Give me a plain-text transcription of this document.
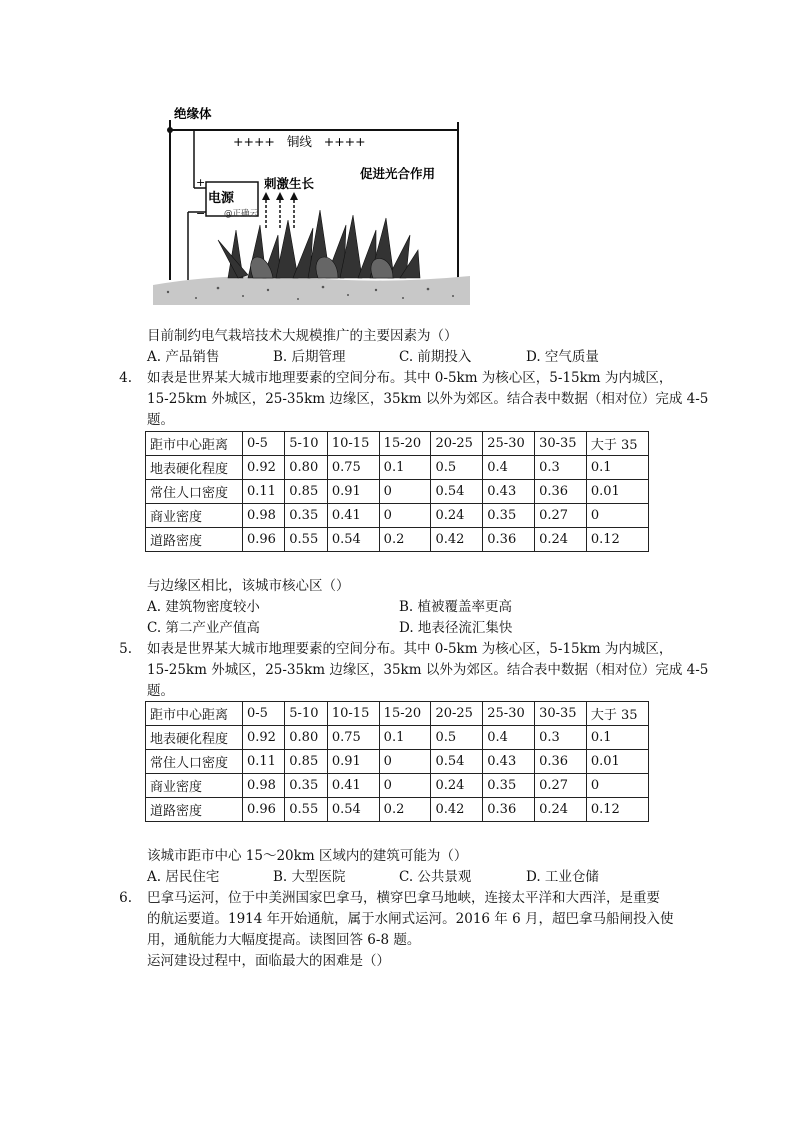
绝缘体
++++   铜线   ++++
电源
+
− @正确云
刺激生长
促进光合作用
目前制约电气栽培技术大规模推广的主要因素为（）
A. 产品销售	B. 后期管理	C. 前期投入	D. 空气质量
4. 如表是世界某大城市地理要素的空间分布。其中 0-5km 为核心区，5-15km 为内城区，
15-25km 外城区，25-35km 边缘区，35km 以外为郊区。结合表中数据（相对位）完成 4-5
题。
距市中心距离	0-5	5-10	10-15	15-20	20-25	25-30	30-35	大于 35
地表硬化程度	0.92	0.80	0.75	0.1	0.5	0.4	0.3	0.1
常住人口密度	0.11	0.85	0.91	0	0.54	0.43	0.36	0.01
商业密度	0.98	0.35	0.41	0	0.24	0.35	0.27	0
道路密度	0.96	0.55	0.54	0.2	0.42	0.36	0.24	0.12
与边缘区相比，该城市核心区（）
A. 建筑物密度较小	B. 植被覆盖率更高
C. 第二产业产值高	D. 地表径流汇集快
5. 如表是世界某大城市地理要素的空间分布。其中 0-5km 为核心区，5-15km 为内城区，
15-25km 外城区，25-35km 边缘区，35km 以外为郊区。结合表中数据（相对位）完成 4-5
题。
距市中心距离	0-5	5-10	10-15	15-20	20-25	25-30	30-35	大于 35
地表硬化程度	0.92	0.80	0.75	0.1	0.5	0.4	0.3	0.1
常住人口密度	0.11	0.85	0.91	0	0.54	0.43	0.36	0.01
商业密度	0.98	0.35	0.41	0	0.24	0.35	0.27	0
道路密度	0.96	0.55	0.54	0.2	0.42	0.36	0.24	0.12
该城市距市中心 15～20km 区域内的建筑可能为（）
A. 居民住宅	B. 大型医院	C. 公共景观	D. 工业仓储
6. 巴拿马运河，位于中美洲国家巴拿马，横穿巴拿马地峡，连接太平洋和大西洋，是重要
的航运要道。1914 年开始通航，属于水闸式运河。2016 年 6 月，超巴拿马船闸投入使
用，通航能力大幅度提高。读图回答 6-8 题。
运河建设过程中，面临最大的困难是（）
